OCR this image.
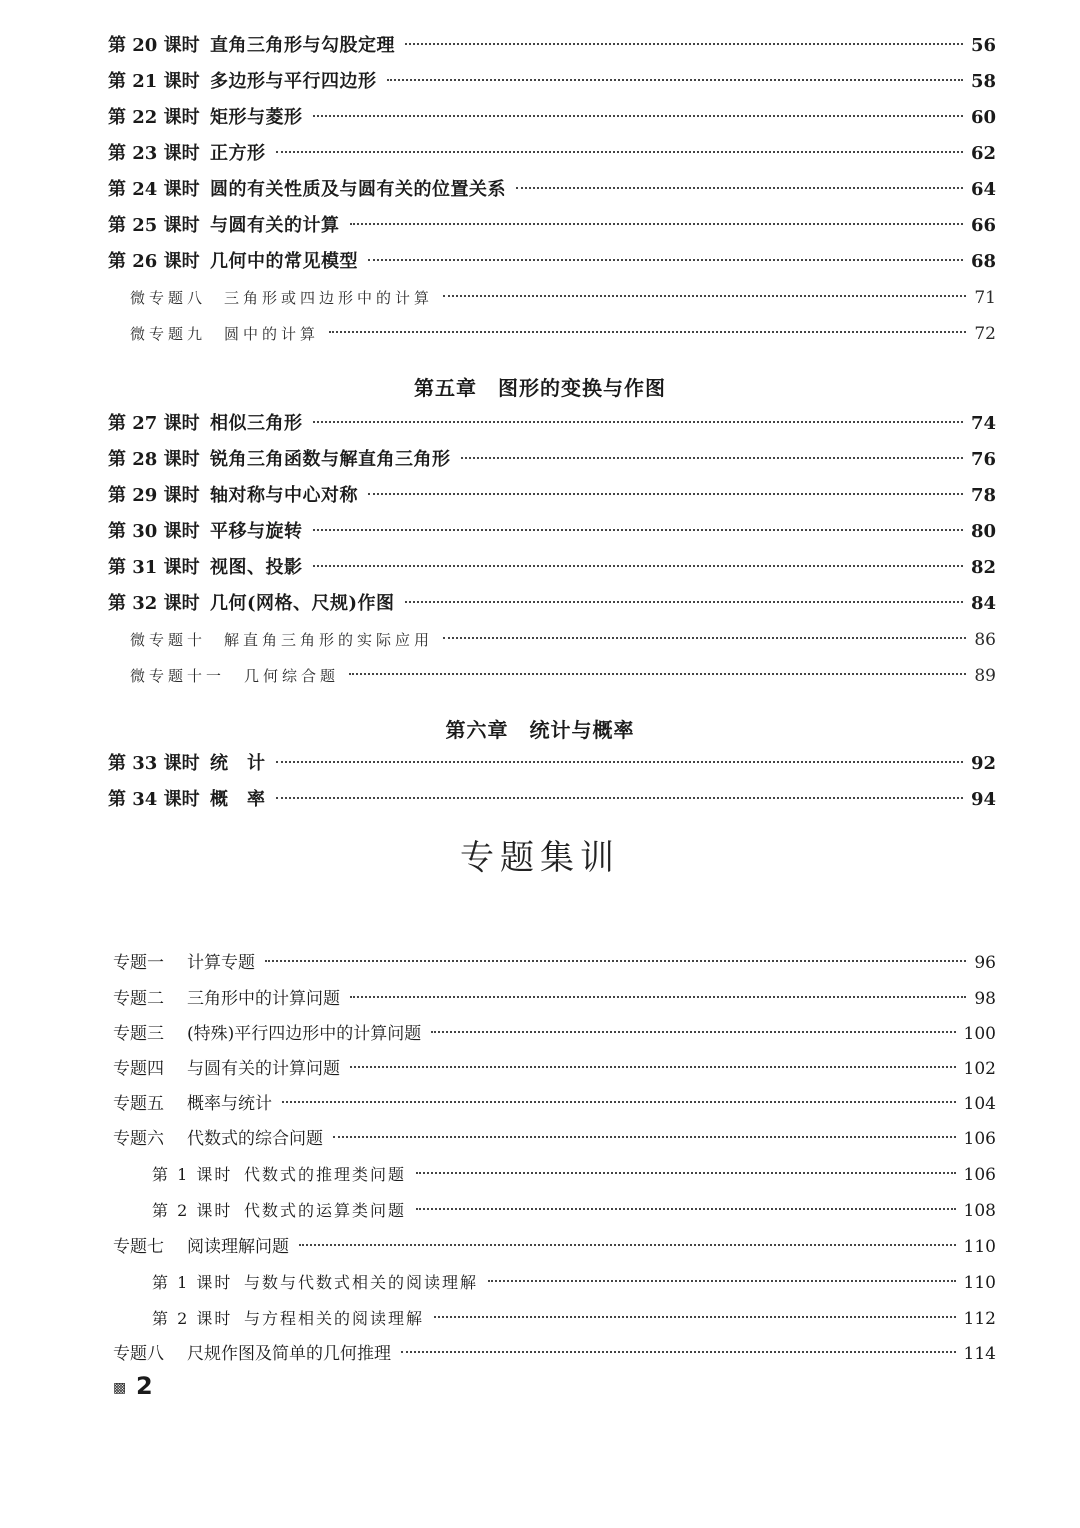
第 20 课时 直角三角形与勾股定理	56
第 21 课时 多边形与平行四边形	58
第 22 课时 矩形与菱形	60
第 23 课时 正方形	62
第 24 课时 圆的有关性质及与圆有关的位置关系	64
第 25 课时 与圆有关的计算	66
第 26 课时 几何中的常见模型	68
微专题八	三角形或四边形中的计算	71
微专题九	圆中的计算	72
第五章　图形的变换与作图
第 27 课时 相似三角形	74
第 28 课时 锐角三角函数与解直角三角形	76
第 29 课时 轴对称与中心对称	78
第 30 课时 平移与旋转	80
第 31 课时 视图、投影	82
第 32 课时 几何(网格、尺规)作图	84
微专题十	解直角三角形的实际应用	86
微专题十一	几何综合题	89
第六章　统计与概率
第 33 课时 统　计	92
第 34 课时 概　率	94
专题集训
专题一	计算专题	96
专题二	三角形中的计算问题	98
专题三	(特殊)平行四边形中的计算问题	100
专题四	与圆有关的计算问题	102
专题五	概率与统计	104
专题六	代数式的综合问题	106
第 1 课时 代数式的推理类问题	106
第 2 课时 代数式的运算类问题	108
专题七	阅读理解问题	110
第 1 课时 与数与代数式相关的阅读理解	110
第 2 课时 与方程相关的阅读理解	112
专题八	尺规作图及简单的几何推理	114
▩ 2
